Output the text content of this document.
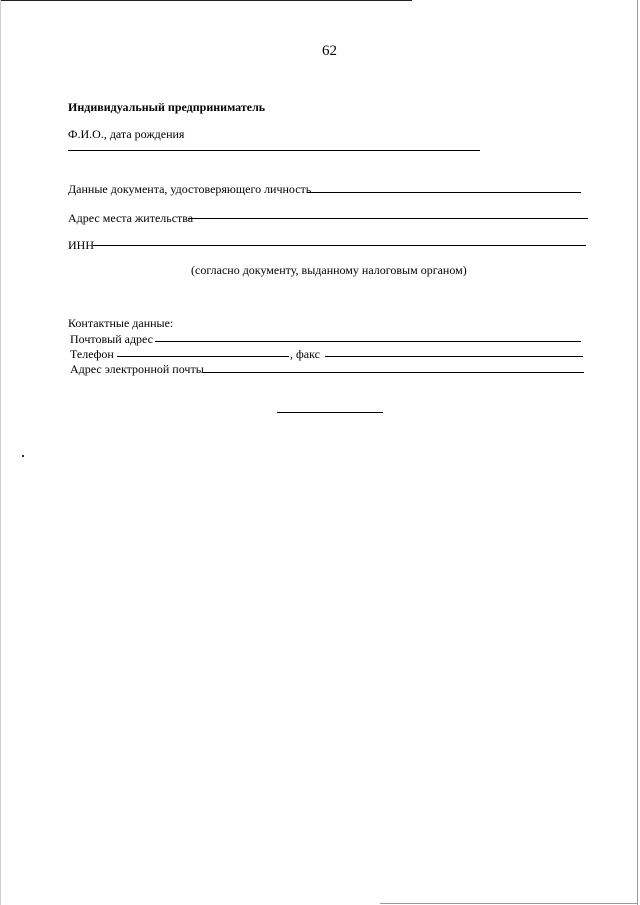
62
Индивидуальный предприниматель
Ф.И.О., дата рождения
Данные документа, удостоверяющего личность
Адрес места жительства
ИНН
(согласно документу, выданному налоговым органом)
Контактные данные:
Почтовый адрес
Телефон	, факс
Адрес электронной почты
